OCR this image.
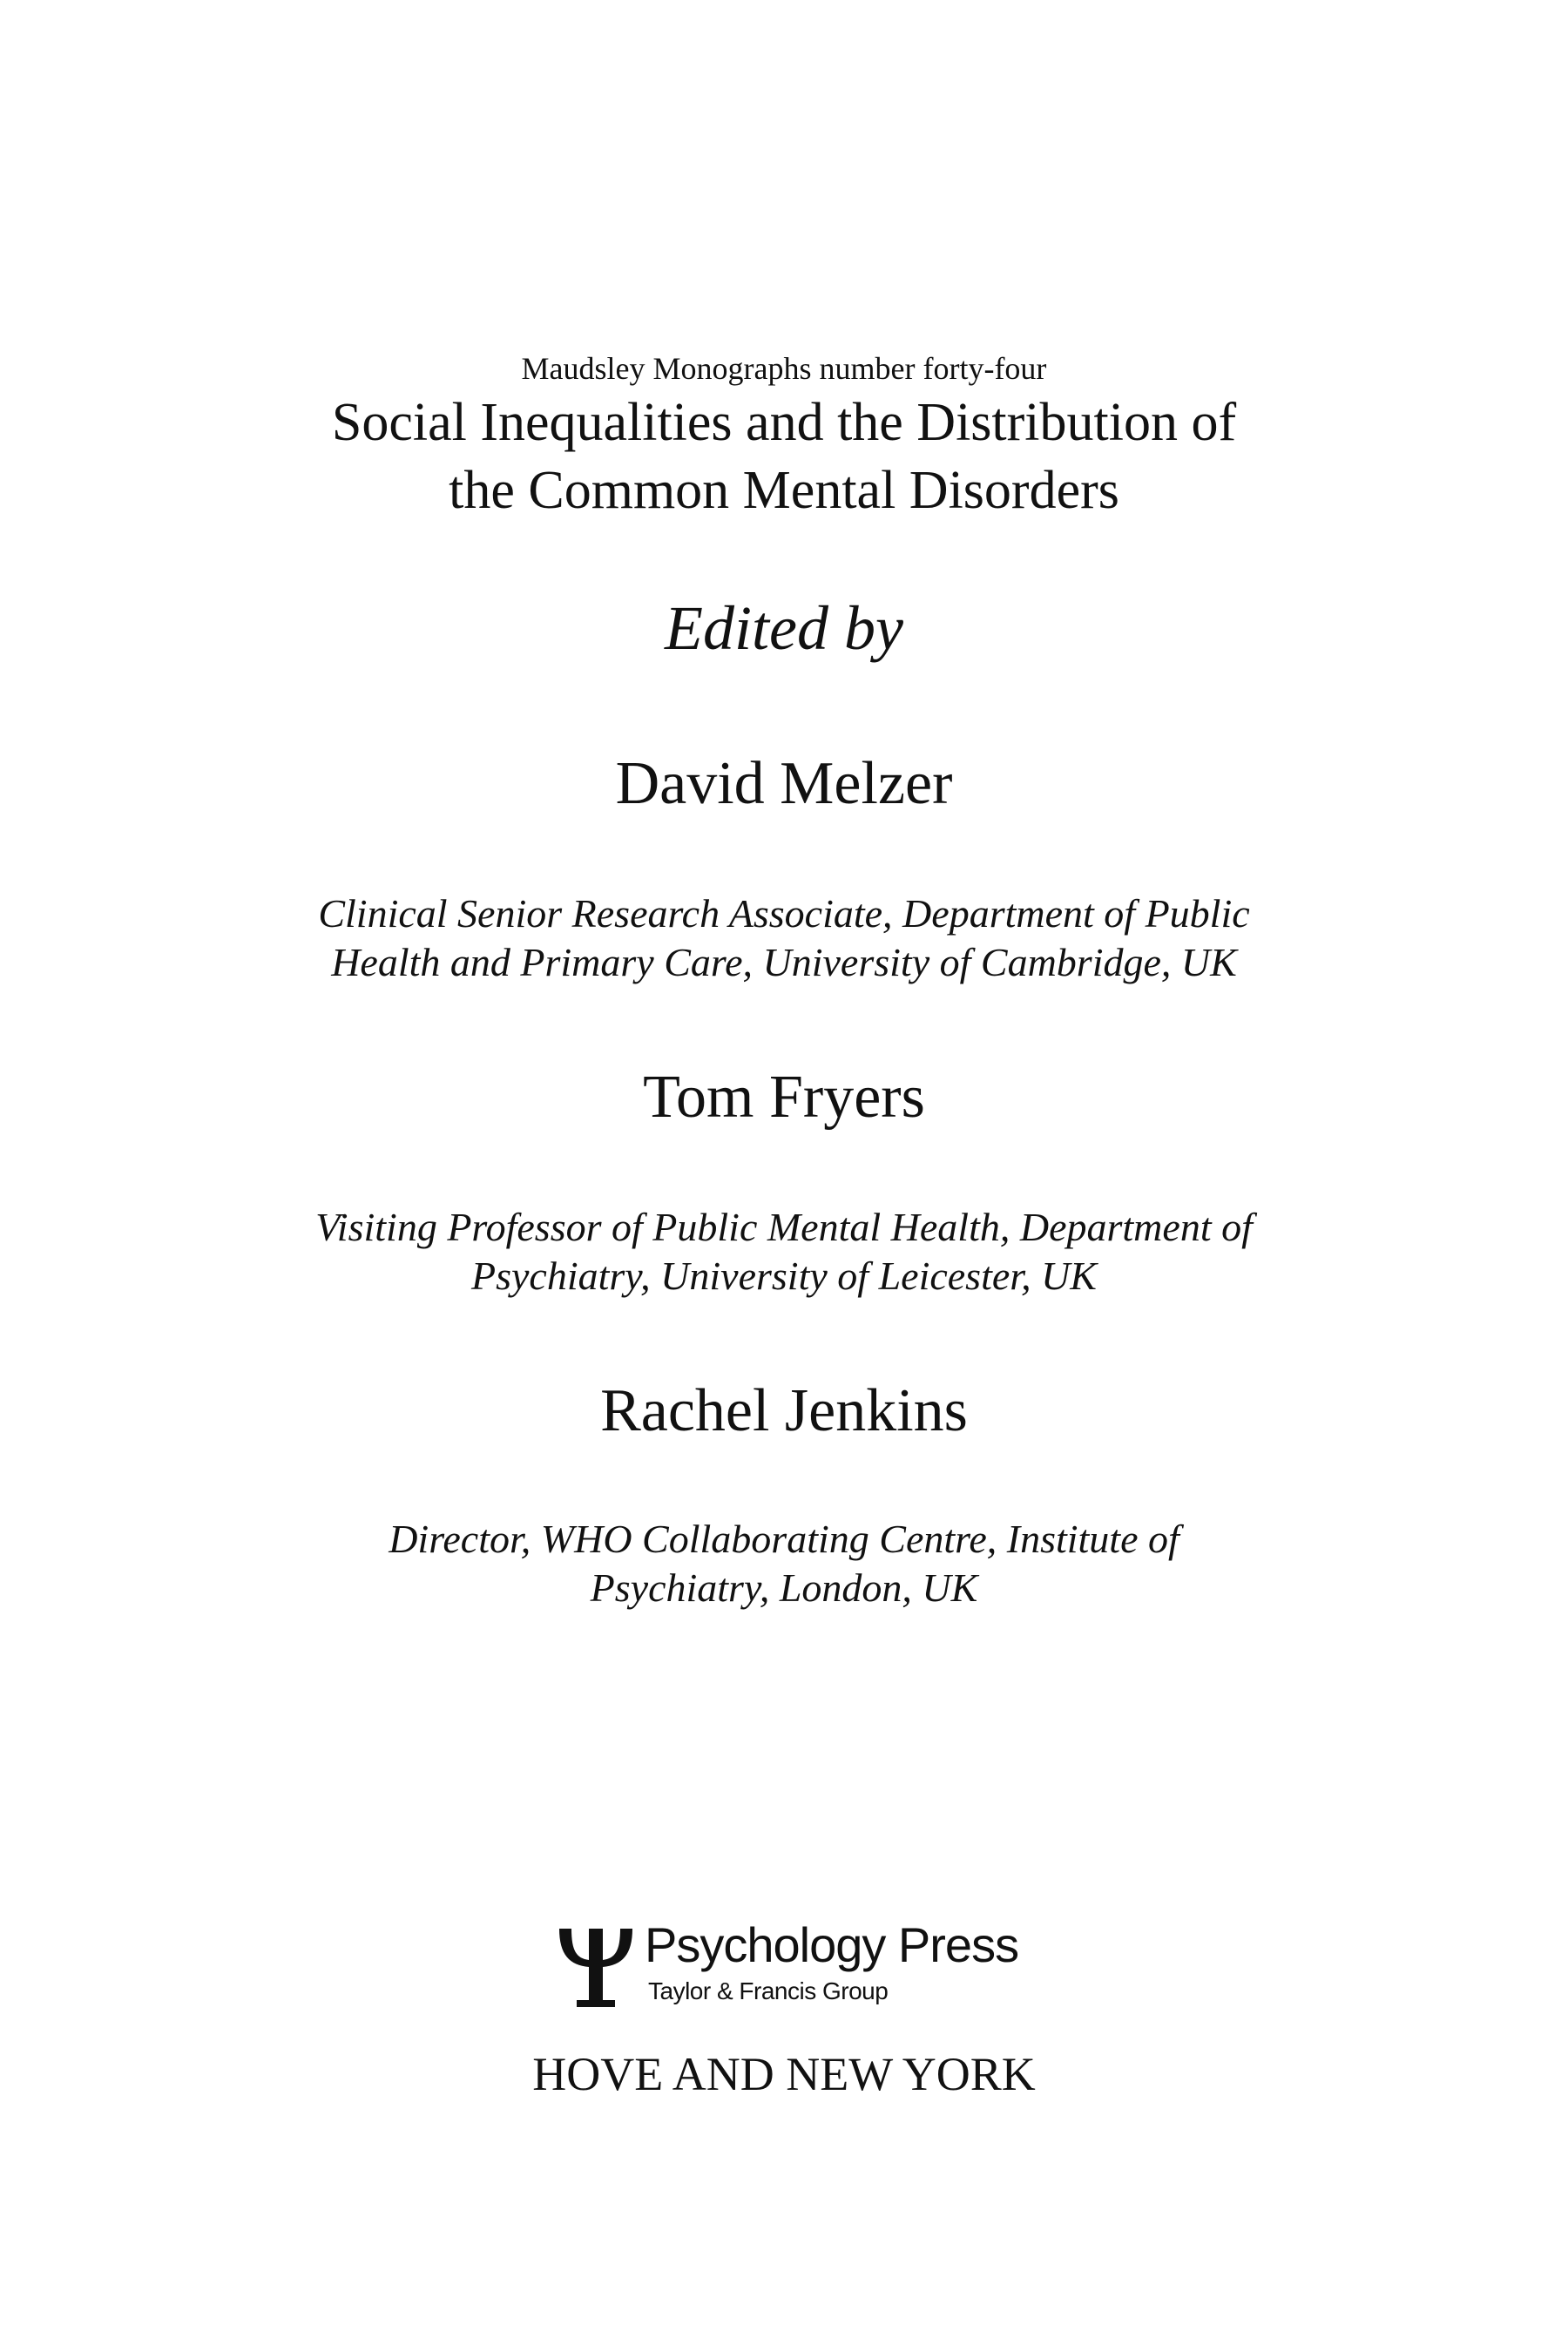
Maudsley Monographs number forty-four
Social Inequalities and the Distribution of
the Common Mental Disorders
Edited by
David Melzer
Clinical Senior Research Associate, Department of Public
Health and Primary Care, University of Cambridge, UK
Tom Fryers
Visiting Professor of Public Mental Health, Department of
Psychiatry, University of Leicester, UK
Rachel Jenkins
Director, WHO Collaborating Centre, Institute of
Psychiatry, London, UK
Psychology Press
Taylor & Francis Group
HOVE AND NEW YORK
